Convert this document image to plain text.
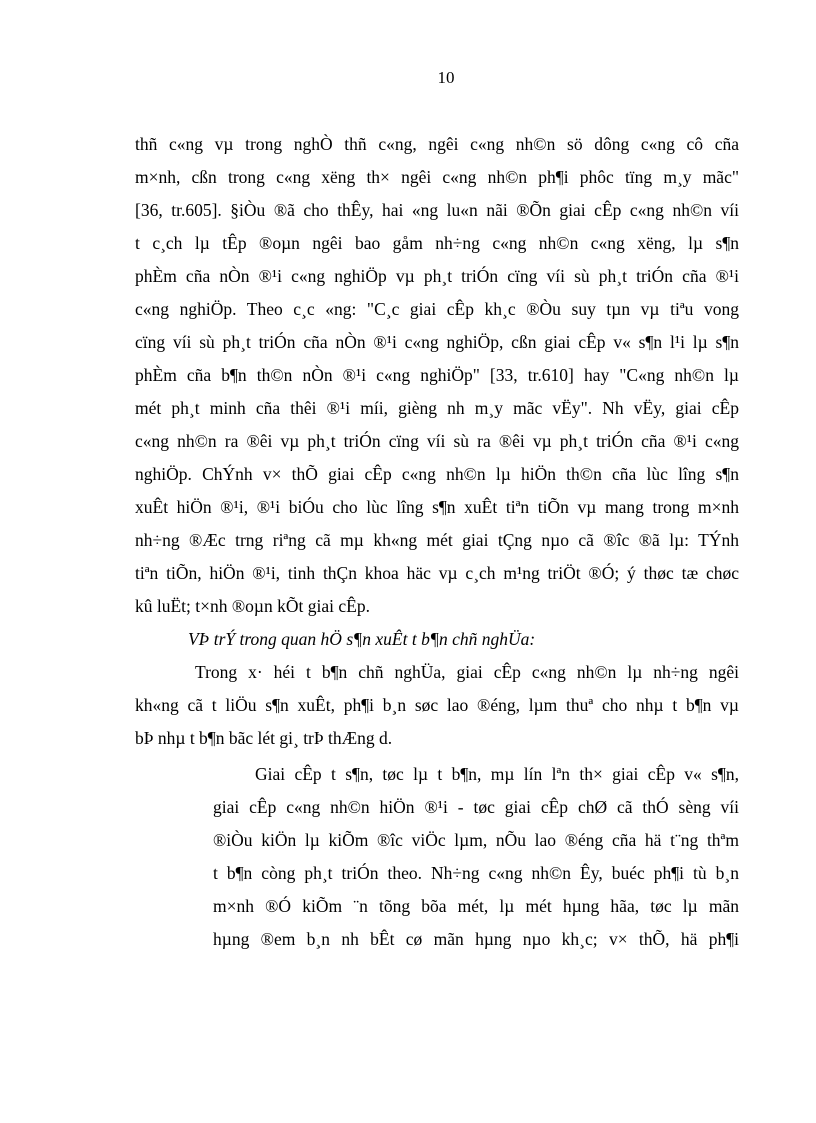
10
thñ c«ng vµ trong nghÒ thñ c«ng, ngêi c«ng nh©n sö dông c«ng cô cña
m×nh, cßn trong c«ng xëng th× ngêi c«ng nh©n ph¶i phôc tïng m¸y mãc"
[36, tr.605]. §iÒu ®ã cho thÊy, hai «ng lu«n nãi ®Õn giai cÊp c«ng nh©n víi
t c¸ch lµ tÊp ®oµn ngêi bao gåm nh÷ng c«ng nh©n c«ng xëng, lµ s¶n
phÈm cña nÒn ®¹i c«ng nghiÖp vµ ph¸t triÓn cïng víi sù ph¸t triÓn cña ®¹i
c«ng nghiÖp. Theo c¸c «ng: "C¸c giai cÊp kh¸c ®Òu suy tµn vµ tiªu vong
cïng víi sù ph¸t triÓn cña nÒn ®¹i c«ng nghiÖp, cßn giai cÊp v« s¶n l¹i lµ s¶n
phÈm cña b¶n th©n nÒn ®¹i c«ng nghiÖp" [33, tr.610] hay "C«ng nh©n lµ
mét ph¸t minh cña thêi ®¹i míi, gièng nh m¸y mãc vËy". Nh vËy, giai cÊp
c«ng nh©n ra ®êi vµ ph¸t triÓn cïng víi sù ra ®êi vµ ph¸t triÓn cña ®¹i c«ng
nghiÖp. ChÝnh v× thÕ giai cÊp c«ng nh©n lµ hiÖn th©n cña lùc lîng s¶n
xuÊt hiÖn ®¹i, ®¹i biÓu cho lùc lîng s¶n xuÊt tiªn tiÕn vµ mang trong m×nh
nh÷ng ®Æc trng riªng cã mµ kh«ng mét giai tÇng nµo cã ®îc ®ã lµ: TÝnh
tiªn tiÕn, hiÖn ®¹i, tinh thÇn khoa häc vµ c¸ch m¹ng triÖt ®Ó; ý thøc tæ chøc
kû luËt; t×nh ®oµn kÕt giai cÊp.
VÞ trÝ trong quan hÖ s¶n xuÊt t b¶n chñ nghÜa:
Trong x· héi t b¶n chñ nghÜa, giai cÊp c«ng nh©n lµ nh÷ng ngêi
kh«ng cã t liÖu s¶n xuÊt, ph¶i b¸n søc lao ®éng, lµm thuª cho nhµ t b¶n vµ
bÞ nhµ t b¶n bãc lét gi¸ trÞ thÆng d.
Giai cÊp t s¶n, tøc lµ t b¶n, mµ lín lªn th× giai cÊp v« s¶n,
giai cÊp c«ng nh©n hiÖn ®¹i - tøc giai cÊp chØ cã thÓ sèng víi
®iÒu kiÖn lµ kiÕm ®îc viÖc lµm, nÕu lao ®éng cña hä t¨ng thªm
t b¶n còng ph¸t triÓn theo. Nh÷ng c«ng nh©n Êy, buéc ph¶i tù b¸n
m×nh ®Ó kiÕm ¨n tõng bõa mét, lµ mét hµng hãa, tøc lµ mãn
hµng ®em b¸n nh bÊt cø mãn hµng nµo kh¸c; v× thÕ, hä ph¶i
